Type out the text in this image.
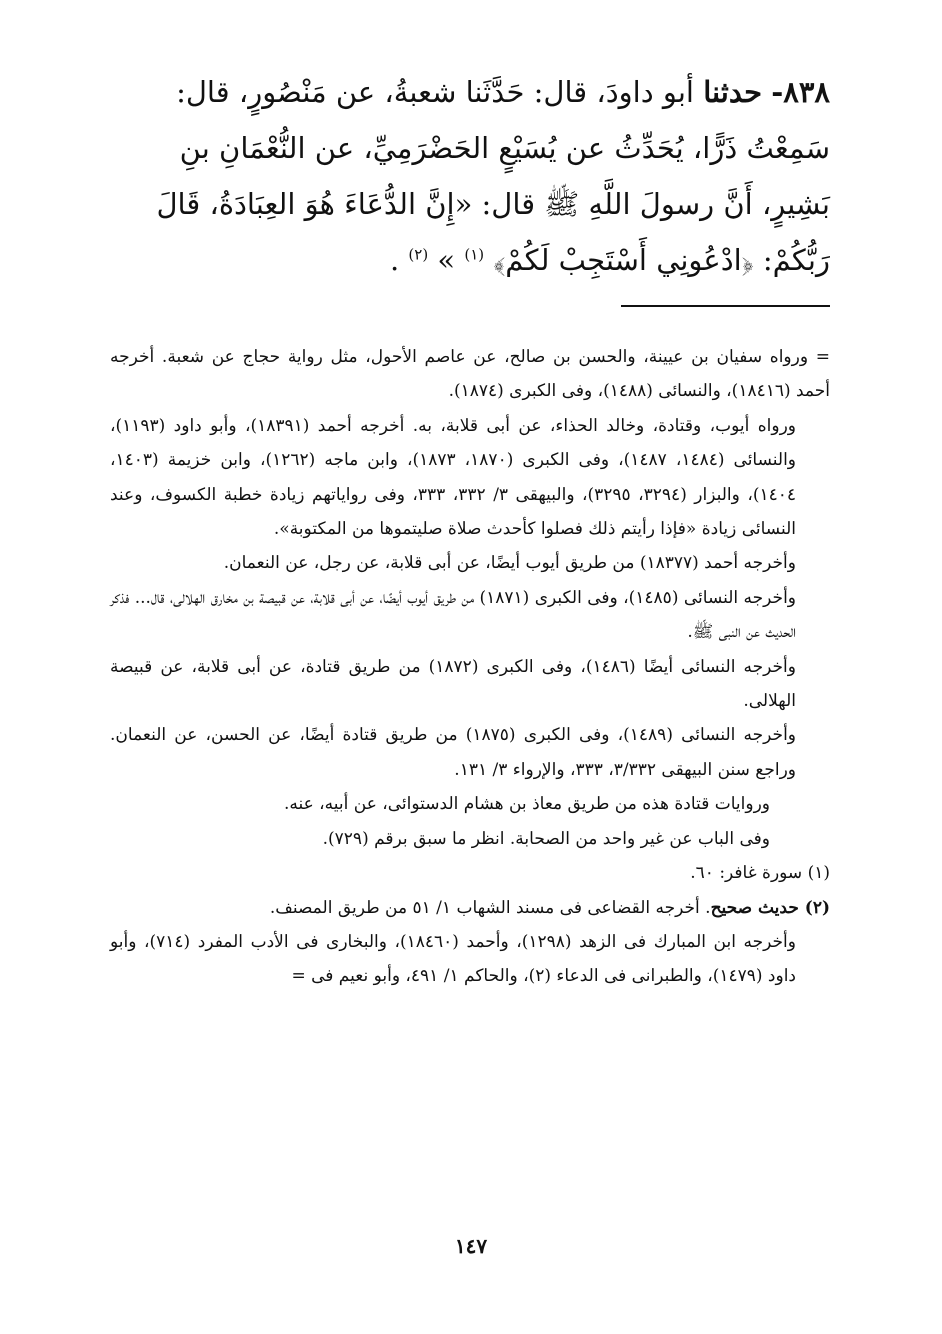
٨٣٨- حدثنا أبو داودَ، قال: حَدَّثَنا شعبةُ، عن مَنْصُورٍ، قال: سَمِعْتُ ذَرًّا، يُحَدِّثُ عن يُسَيْعٍ الحَضْرَمِيِّ، عن النُّعْمَانِ بنِ بَشِيرٍ، أَنَّ رسولَ اللَّهِ ﷺ قال: «إِنَّ الدُّعَاءَ هُوَ العِبَادَةُ، قَالَ رَبُّكُمْ: ﴿ادْعُونِي أَسْتَجِبْ لَكُمْ﴾ $^{(١)}$ » $^{(٢)}$ .

= ورواه سفيان بن عيينة، والحسن بن صالح، عن عاصم الأحول، مثل رواية حجاج عن شعبة. أخرجه أحمد (١٨٤١٦)، والنسائى (١٤٨٨)، وفى الكبرى (١٨٧٤).

ورواه أيوب، وقتادة، وخالد الحذاء، عن أبى قلابة، به. أخرجه أحمد (١٨٣٩١)، وأبو داود (١١٩٣)، والنسائى (١٤٨٤، ١٤٨٧)، وفى الكبرى (١٨٧٠، ١٨٧٣)، وابن ماجه (١٢٦٢)، وابن خزيمة (١٤٠٣، ١٤٠٤)، والبزار (٣٢٩٤، ٣٢٩٥)، والبيهقى ٣/ ٣٣٢، ٣٣٣، وفى رواياتهم زيادة خطبة الكسوف، وعند النسائى زيادة «فإذا رأيتم ذلك فصلوا كأحدث صلاة صليتموها من المكتوبة».

وأخرجه أحمد (١٨٣٧٧) من طريق أيوب أيضًا، عن أبى قلابة، عن رجل، عن النعمان.

وأخرجه النسائى (١٤٨٥)، وفى الكبرى (١٨٧١) من طريق أيوب أيضًا، عن أبى قلابة، عن قبيصة بن مخارق الهلالى، قال... فذكر الحديث عن النبى ﷺ.

وأخرجه النسائى أيضًا (١٤٨٦)، وفى الكبرى (١٨٧٢) من طريق قتادة، عن أبى قلابة، عن قبيصة الهلالى.

وأخرجه النسائى (١٤٨٩)، وفى الكبرى (١٨٧٥) من طريق قتادة أيضًا، عن الحسن، عن النعمان. وراجع سنن البيهقى ٣/٣٣٢، ٣٣٣، والإرواء ٣/ ١٣١.

وروايات قتادة هذه من طريق معاذ بن هشام الدستوائى، عن أبيه، عنه.

وفى الباب عن غير واحد من الصحابة. انظر ما سبق برقم (٧٢٩).

(١) سورة غافر: ٦٠.

(٢) حديث صحيح. أخرجه القضاعى فى مسند الشهاب ١/ ٥١ من طريق المصنف.

وأخرجه ابن المبارك فى الزهد (١٢٩٨)، وأحمد (١٨٤٦٠)، والبخارى فى الأدب المفرد (٧١٤)، وأبو داود (١٤٧٩)، والطبرانى فى الدعاء (٢)، والحاكم ١/ ٤٩١، وأبو نعيم فى =

١٤٧
